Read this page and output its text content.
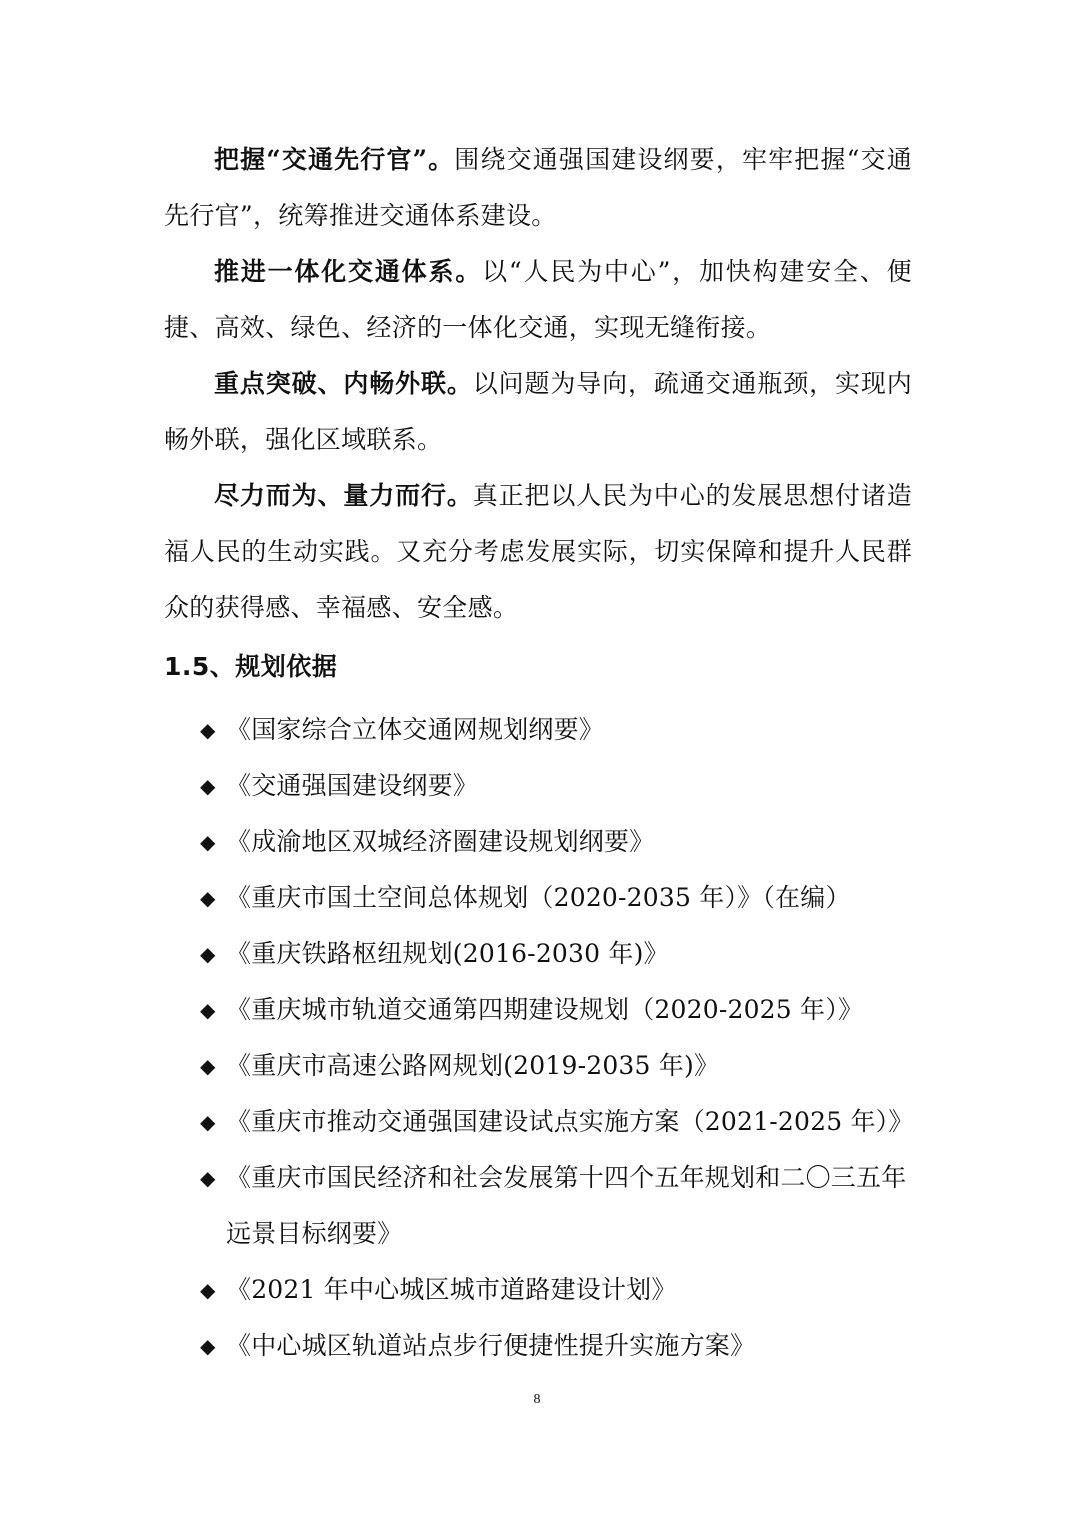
把握“交通先行官”。围绕交通强国建设纲要，牢牢把握“交通先行官”，统筹推进交通体系建设。

推进一体化交通体系。以“人民为中心”，加快构建安全、便捷、高效、绿色、经济的一体化交通，实现无缝衔接。

重点突破、内畅外联。以问题为导向，疏通交通瓶颈，实现内畅外联，强化区域联系。

尽力而为、量力而行。真正把以人民为中心的发展思想付诸造福人民的生动实践。又充分考虑发展实际，切实保障和提升人民群众的获得感、幸福感、安全感。

1.5、规划依据
◆ 《国家综合立体交通网规划纲要》
◆ 《交通强国建设纲要》
◆ 《成渝地区双城经济圈建设规划纲要》
◆ 《重庆市国土空间总体规划（2020-2035 年）》（在编）
◆ 《重庆铁路枢纽规划(2016-2030 年)》
◆ 《重庆城市轨道交通第四期建设规划（2020-2025 年）》
◆ 《重庆市高速公路网规划(2019-2035 年)》
◆ 《重庆市推动交通强国建设试点实施方案（2021-2025 年）》
◆ 《重庆市国民经济和社会发展第十四个五年规划和二〇三五年远景目标纲要》
◆ 《2021 年中心城区城市道路建设计划》
◆ 《中心城区轨道站点步行便捷性提升实施方案》
8
